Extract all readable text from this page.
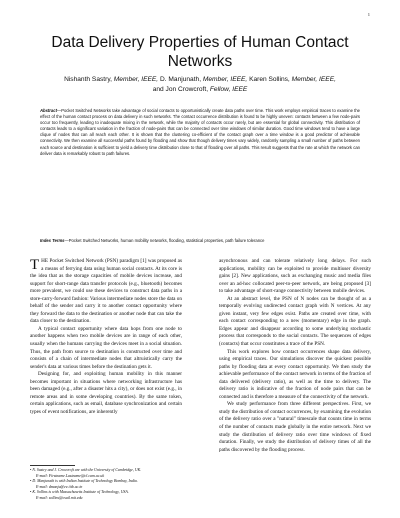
1
Data Delivery Properties of Human Contact Networks
Nishanth Sastry, Member, IEEE, D. Manjunath, Member, IEEE, Karen Sollins, Member, IEEE,
and Jon Crowcroft, Fellow, IEEE
Abstract—Pocket Switched Networks take advantage of social contacts to opportunistically create data paths over time. This work employs empirical traces to examine the effect of the human contact process on data delivery in such networks. The contact occurrence distribution is found to be highly uneven: contacts between a few node-pairs occur too frequently, leading to inadequate mixing in the network, while the majority of contacts occur rarely, but are essential for global connectivity. This distribution of contacts leads to a significant variation in the fraction of node-pairs that can be connected over time windows of similar duration. Good time windows tend to have a large clique of nodes that can all reach each other. It is shown that the clustering co-efficient of the contact graph over a time window is a good predictor of achievable connectivity. We then examine all successful paths found by flooding and show that though delivery times vary widely, randomly sampling a small number of paths between each source and destination is sufficient to yield a delivery time distribution close to that of flooding over all paths. This result suggests that the rate at which the network can deliver data is remarkably robust to path failures.
Index Terms—Pocket Switched Networks, human mobility networks, flooding, statistical properties, path failure tolerance

THE Pocket Switched Network (PSN) paradigm [1] was proposed as a means of ferrying data using human social contacts. At its core is the idea that as the storage capacities of mobile devices increase, and support for short-range data transfer protocols (e.g., bluetooth) becomes more prevalent, we could use these devices to construct data paths in a store-carry-forward fashion: Various intermediate nodes store the data on behalf of the sender and carry it to another contact opportunity where they forward the data to the destination or another node that can take the data closer to the destination.

A typical contact opportunity where data hops from one node to another happens when two mobile devices are in range of each other, usually when the humans carrying the devices meet in a social situation. Thus, the path from source to destination is constructed over time and consists of a chain of intermediate nodes that altruistically carry the sender's data at various times before the destination gets it.

Designing for, and exploiting human mobility in this manner becomes important in situations where networking infrastructure has been damaged (e.g., after a disaster hits a city), or does not exist (e.g., in remote areas and in some developing countries). By the same token, certain applications, such as email, database synchronization and certain types of event notifications, are inherently

asynchronous and can tolerate relatively long delays. For such applications, mobility can be exploited to provide multiuser diversity gains [2]. New applications, such as exchanging music and media files over an ad-hoc collocated peer-to-peer network, are being proposed [3] to take advantage of short-range connectivity between mobile devices.

At an abstract level, the PSN of N nodes can be thought of as a temporally evolving undirected contact graph with N vertices. At any given instant, very few edges exist. Paths are created over time, with each contact corresponding to a new (momentary) edge in the graph. Edges appear and disappear according to some underlying stochastic process that corresponds to the social contacts. The sequences of edges (contacts) that occur constitutes a trace of the PSN.

This work explores how contact occurrences shape data delivery, using empirical traces. Our simulations discover the quickest possible paths by flooding data at every contact opportunity. We then study the achievable performance of the contact network in terms of the fraction of data delivered (delivery ratio), as well as the time to delivery. The delivery ratio is indicative of the fraction of node pairs that can be connected and is therefore a measure of the connectivity of the network.

We study performance from three different perspectives. First, we study the distribution of contact occurrences, by examining the evolution of the delivery ratio over a "natural" timescale that counts time in terms of the number of contacts made globally in the entire network. Next we study the distribution of delivery ratio over time windows of fixed duration. Finally, we study the distribution of delivery times of all the paths discovered by the flooding process.

• N. Sastry and J. Crowcroft are with the University of Cambridge, UK.
E-mail: Firstname.Lastname@cl.cam.ac.uk
• D. Manjunath is with Indian Institute of Technology Bombay, India.
E-mail: dmanju@ee.iitb.ac.in
• K. Sollins is with Massachusetts Institute of Technology, USA.
E-mail: sollins@csail.mit.edu
